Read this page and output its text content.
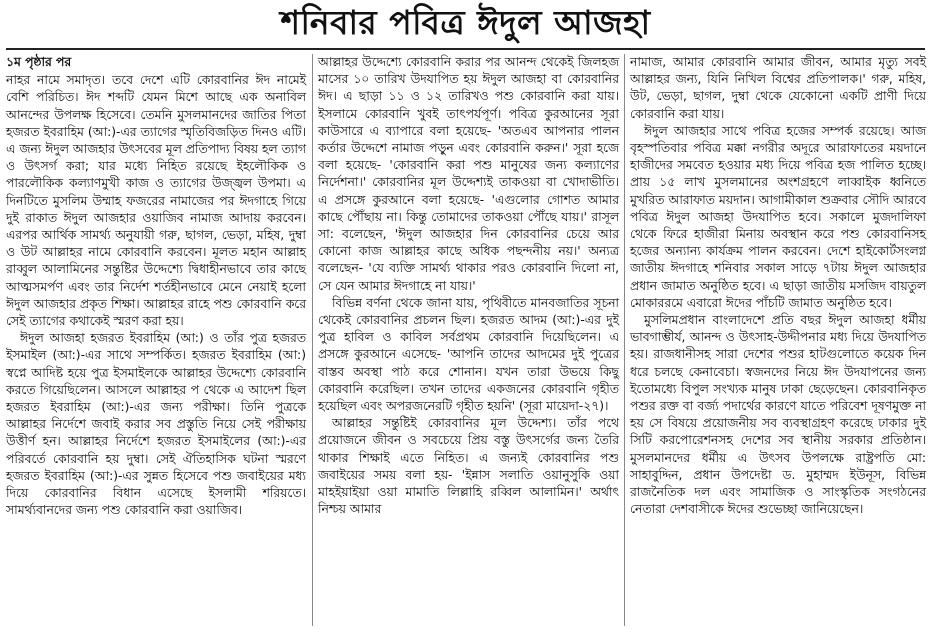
শনিবার পবিত্র ঈদুল আজহা
১ম পৃষ্ঠার পর

নাহর নামে সমাদৃত। তবে দেশে এটি কোরবানির ঈদ নামেই বেশি পরিচিত। ঈদ শব্দটি যেমন মিশে আছে এক অনাবিল আনন্দের উপলক্ষ হিসেবে। তেমনি মুসলমানদের জাতির পিতা হজরত ইবরাহিম (আ:)-এর ত্যাগের স্মৃতিবিজড়িত দিনও এটি। এ জন্য ঈদুল আজহার উৎসবের মূল প্রতিপাদ্য বিষয় হল ত্যাগ ও উৎসর্গ করা; যার মধ্যে নিহিত রয়েছে ইহলৌকিক ও পারলৌকিক কল্যাণমুখী কাজ ও ত্যাগের উজ্জ্বল উপমা। এ দিনটিতে মুসলিম উম্মাহ ফজরের নামাজের পর ঈদগাহে গিয়ে দুই রাকাত ঈদুল আজহার ওয়াজিব নামাজ আদায় করবেন। এরপর আর্থিক সামর্থ্য অনুযায়ী গরু, ছাগল, ভেড়া, মহিষ, দুম্বা ও উট আল্লাহর নামে কোরবানি করবেন। মূলত মহান আল্লাহ রাব্বুল আলামিনের সন্তুষ্টির উদ্দেশ্যে দ্বিধাহীনভাবে তার কাছে আত্মসমর্পণ এবং তার নির্দেশ শর্তহীনভাবে মেনে নেয়াই হলো ঈদুল আজহার প্রকৃত শিক্ষা। আল্লাহর রাহে পশু কোরবানি করে সেই ত্যাগের কথাকেই স্মরণ করা হয়।

ঈদুল আজহা হজরত ইবরাহিম (আ:) ও তাঁর পুত্র হজরত ইসমাইল (আ:)-এর সাথে সম্পর্কিত। হজরত ইবরাহিম (আ:) স্বপ্নে আদিষ্ট হয়ে পুত্র ইসমাইলকে আল্লাহর উদ্দেশ্যে কোরবানি করতে গিয়েছিলেন। আসলে আল্লাহর প থেকে এ আদেশ ছিল হজরত ইবরাহিম (আ:)-এর জন্য পরীক্ষা। তিনি পুত্রকে আল্লাহর নির্দেশে জবাই করার সব প্রস্তুতি নিয়ে সেই পরীক্ষায় উত্তীর্ণ হন। আল্লাহর নির্দেশে হজরত ইসমাইলের (আ:)-এর পরিবর্তে কোরবানি হয় দুম্বা। সেই ঐতিহাসিক ঘটনা স্মরণে হজরত ইবরাহিম (আ:)-এর সুন্নত হিসেবে পশু জবাইয়ের মধ্য দিয়ে কোরবানির বিধান এসেছে ইসলামী শরিয়তে। সামর্থ্যবানদের জন্য পশু কোরবানি করা ওয়াজিব।

আল্লাহর উদ্দেশ্যে কোরবানি করার পর আনন্দ থেকেই জিলহজ মাসের ১০ তারিখ উদযাপিত হয় ঈদুল আজহা বা কোরবানির ঈদ। এ ছাড়া ১১ ও ১২ তারিখও পশু কোরবানি করা যায়। ইসলামে কোরবানি খুবই তাৎপর্যপূর্ণ। পবিত্র কুরআনের সূরা কাউসারে এ ব্যাপারে বলা হয়েছে- 'অতএব আপনার পালন কর্তার উদ্দেশে নামাজ পড়ুন এবং কোরবানি করুন।' সূরা হজে বলা হয়েছে- 'কোরবানি করা পশু মানুষের জন্য কল্যাণের নির্দেশনা।' কোরবানির মূল উদ্দেশ্যই তাকওয়া বা খোদাভীতি। এ প্রসঙ্গে কুরআনে বলা হয়েছে- 'এগুলোর গোশত আমার কাছে পৌঁছায় না। কিন্তু তোমাদের তাকওয়া পৌঁছে যায়।' রাসূল সা: বলেছেন, 'ঈদুল আজহার দিন কোরবানির চেয়ে আর কোনো কাজ আল্লাহর কাছে অধিক পছন্দনীয় নয়।' অন্যত্র বলেছেন- 'যে ব্যক্তি সামর্থ্য থাকার পরও কোরবানি দিলো না, সে যেন আমার ঈদগাহে না যায়।'

বিভিন্ন বর্ণনা থেকে জানা যায়, পৃথিবীতে মানবজাতির সূচনা থেকেই কোরবানির প্রচলন ছিল। হজরত আদম (আ:)-এর দুই পুত্র হাবিল ও কাবিল সর্বপ্রথম কোরবানি দিয়েছিলেন। এ প্রসঙ্গে কুরআনে এসেছে- 'আপনি তাদের আদমের দুই পুত্রের বাস্তব অবস্থা পাঠ করে শোনান। যখন তারা উভয়ে কিছু কোরবানি করেছিল। তখন তাদের একজনের কোরবানি গৃহীত হয়েছিল এবং অপরজনেরটি গৃহীত হয়নি' (সূরা মায়েদা-২৭)।

আল্লাহর সন্তুষ্টিই কোরবানির মূল উদ্দেশ্য। তাঁর পথে প্রয়োজনে জীবন ও সবচেয়ে প্রিয় বস্তু উৎসর্গের জন্য তৈরি থাকার শিক্ষাই এতে নিহিত। এ জন্যই কোরবানির পশু জবাইয়ের সময় বলা হয়- 'ইন্নাস সলাতি ওয়ানুসুকি ওয়া মাহইয়াইয়া ওয়া মামাতি লিল্লাহি রব্বিল আলামিন।' অর্থাৎ নিশ্চয় আমার

নামাজ, আমার কোরবানি আমার জীবন, আমার মৃত্যু সবই আল্লাহর জন্য, যিনি নিখিল বিশ্বের প্রতিপালক।' গরু, মহিষ, উট, ভেড়া, ছাগল, দুম্বা থেকে যেকোনো একটি প্রাণী দিয়ে কোরবানি করা যায়।

ঈদুল আজহার সাথে পবিত্র হজের সম্পর্ক রয়েছে। আজ বৃহস্পতিবার পবিত্র মক্কা নগরীর অদূরে আরাফাতের ময়দানে হাজীদের সমবেত হওয়ার মধ্য দিয়ে পবিত্র হজ পালিত হচ্ছে। প্রায় ১৫ লাখ মুসলমানের অংশগ্রহণে লাব্বাইক ধ্বনিতে মুখরিত আরাফাত ময়দান। আগামীকাল শুক্রবার সৌদি আরবে পবিত্র ঈদুল আজহা উদযাপিত হবে। সকালে মুজদালিফা থেকে ফিরে হাজীরা মিনায় অবস্থান করে পশু কোরবানিসহ হজের অন্যান্য কার্যক্রম পালন করবেন। দেশে হাইকোর্টসংলগ্ন জাতীয় ঈদগাহে শনিবার সকাল সাড়ে ৭টায় ঈদুল আজহার প্রধান জামাত অনুষ্ঠিত হবে। এ ছাড়া জাতীয় মসজিদ বায়তুল মোকাররমে এবারো ঈদের পাঁচটি জামাত অনুষ্ঠিত হবে।

মুসলিমপ্রধান বাংলাদেশে প্রতি বছর ঈদুল আজহা ধর্মীয় ভাবগাম্ভীর্য, আনন্দ ও উৎসাহ-উদ্দীপনার মধ্য দিয়ে উদযাপিত হয়। রাজধানীসহ সারা দেশের পশুর হাটগুলোতে কয়েক দিন ধরে চলছে কেনাবেচা। স্বজনদের নিয়ে ঈদ উদযাপনের জন্য ইতোমধ্যে বিপুল সংখ্যক মানুষ ঢাকা ছেড়েছেন। কোরবানিকৃত পশুর রক্ত বা বর্জ্য পদার্থের কারণে যাতে পরিবেশ দূষণমুক্ত না হয় সে বিষয়ে প্রয়োজনীয় সব ব্যবস্থাগ্রহণ করেছে ঢাকার দুই সিটি করপোরেশনসহ দেশের সব স্থানীয় সরকার প্রতিষ্ঠান। মুসলমানদের ধর্মীয় এ উৎসব উপলক্ষে রাষ্ট্রপতি মো: সাহাবুদ্দিন, প্রধান উপদেষ্টা ড. মুহাম্মদ ইউনূস, বিভিন্ন রাজনৈতিক দল এবং সামাজিক ও সাংস্কৃতিক সংগঠনের নেতারা দেশবাসীকে ঈদের শুভেচ্ছা জানিয়েছেন।
